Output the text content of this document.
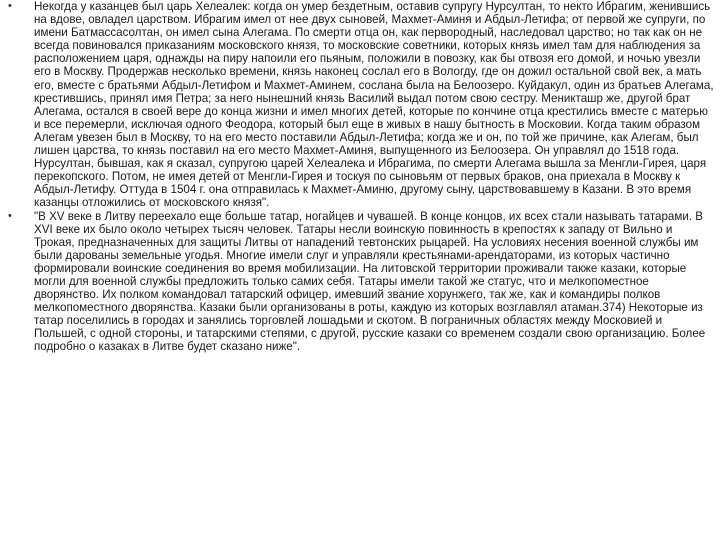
• Некогда у казанцев был царь Хелеалек: когда он умер бездетным, оставив супругу Нурсултан, то некто Ибрагим, женившись на вдове, овладел царством. Ибрагим имел от нее двух сыновей, Махмет-Аминя и Абдыл-Летифа; от первой же супруги, по имени Батмассасолтан, он имел сына Алегама. По смерти отца он, как первородный, наследовал царство; но так как он не всегда повиновался приказаниям московского князя, то московские советники, которых князь имел там для наблюдения за расположением царя, однажды на пиру напоили его пьяным, положили в повозку, как бы отвозя его домой, и ночью увезли его в Москву. Продержав несколько времени, князь наконец сослал его в Вологду, где он дожил остальной свой век, а мать его, вместе с братьями Абдыл-Летифом и Махмет-Аминем, сослана была на Белоозеро. Куйдакул, один из братьев Алегама, крестившись, принял имя Петра; за него нынешний князь Василий выдал потом свою сестру. Меникташр же, другой брат Алегама, остался в своей вере до конца жизни и имел многих детей, которые по кончине отца крестились вместе с матерью и все перемерли, исключая одного Феодора, который был еще в живых в нашу бытность в Московии. Когда таким образом Алегам увезен был в Москву, то на его место поставили Абдыл-Летифа; когда же и он, по той же причине, как Алегам, был лишен царства, то князь поставил на его место Махмет-Аминя, выпущенного из Белоозера. Он управлял до 1518 года. Нурсултан, бывшая, как я сказал, супругою царей Хелеалека и Ибрагима, по смерти Алегама вышла за Менгли-Гирея, царя перекопского. Потом, не имея детей от Менгли-Гирея и тоскуя по сыновьям от первых браков, она приехала в Москву к Абдыл-Летифу. Оттуда в 1504 г. она отправилась к Махмет-Аминю, другому сыну, царствовавшему в Казани. В это время казанцы отложились от московского князя".
• "В XV веке в Литву переехало еще больше татар, ногайцев и чувашей. В конце концов, их всех стали называть татарами. В XVI веке их было около четырех тысяч человек. Татары несли воинскую повинность в крепостях к западу от Вильно и Трокая, предназначенных для защиты Литвы от нападений тевтонских рыцарей. На условиях несения военной службы им были дарованы земельные угодья. Многие имели слуг и управляли крестьянами-арендаторами, из которых частично формировали воинские соединения во время мобилизации. На литовской территории проживали также казаки, которые могли для военной службы предложить только самих себя. Татары имели такой же статус, что и мелкопоместное дворянство. Их полком командовал татарский офицер, имевший звание хорунжего, так же, как и командиры полков мелкопоместного дворянства. Казаки были организованы в роты, каждую из которых возглавлял атаман.374) Некоторые из татар поселились в городах и занялись торговлей лошадьми и скотом. В пограничных областях между Московией и Польшей, с одной стороны, и татарскими степями, с другой, русские казаки со временем создали свою организацию. Более подробно о казаках в Литве будет сказано ниже".
